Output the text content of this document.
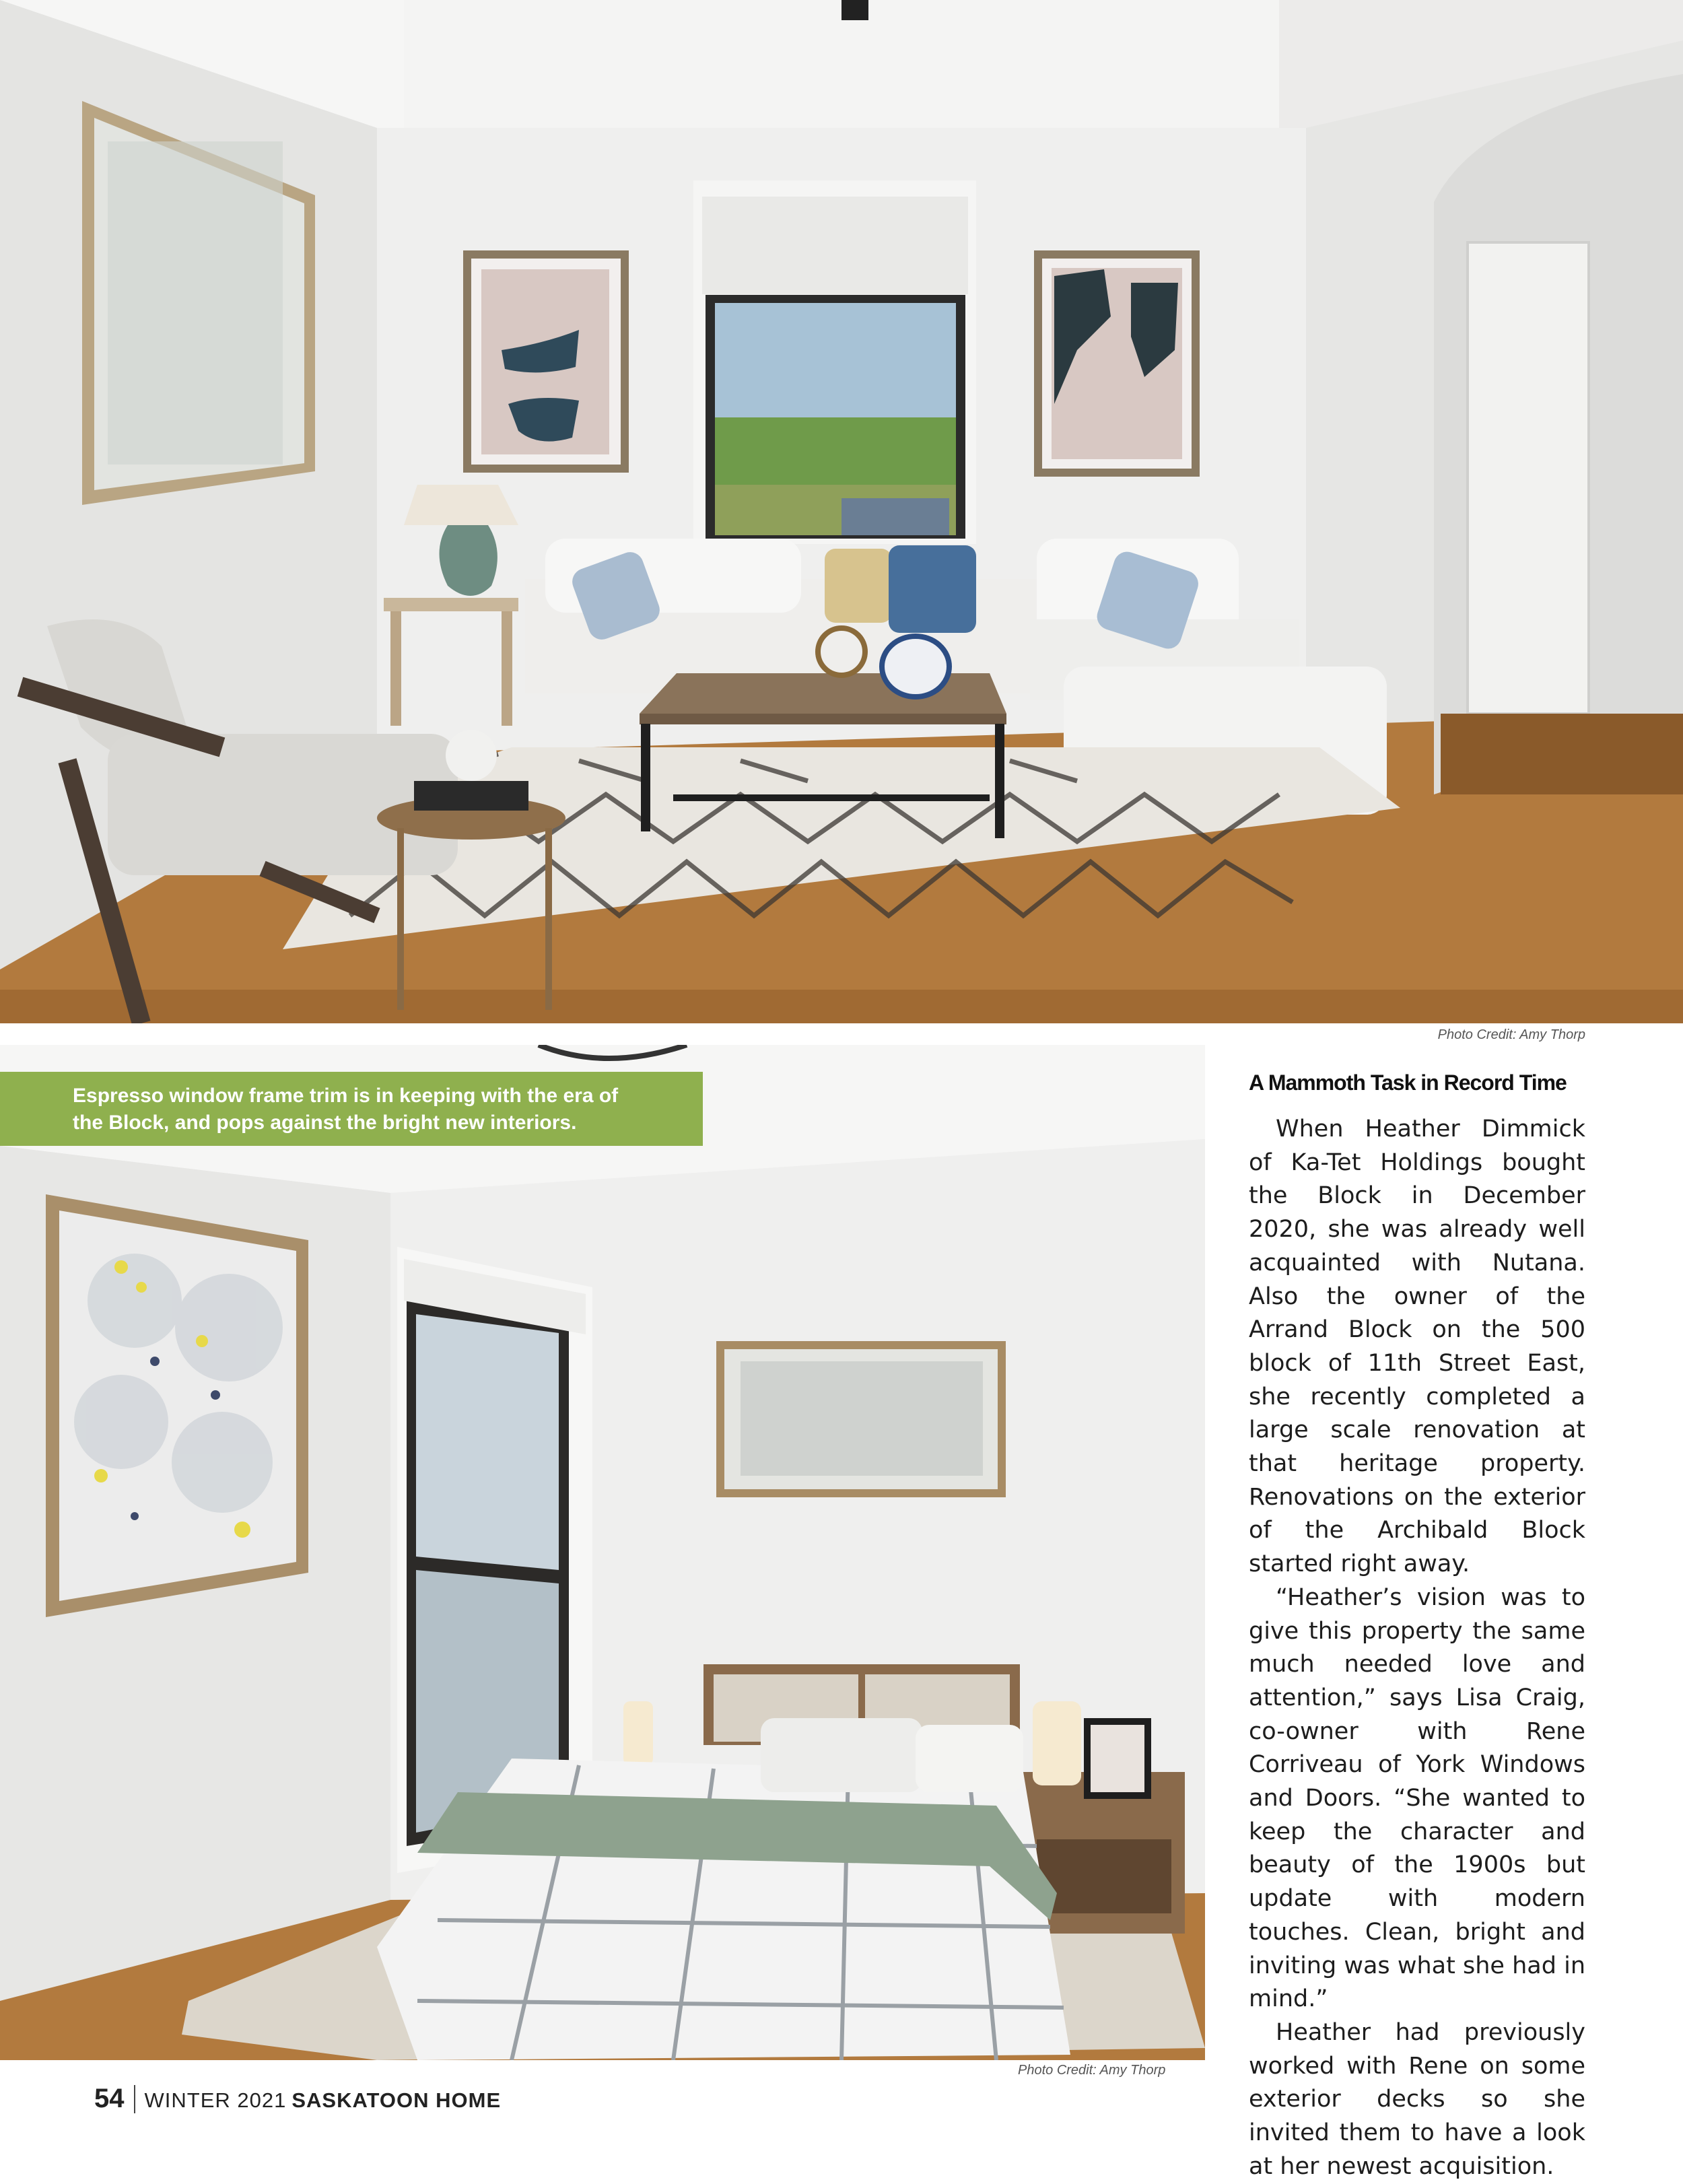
Photo Credit: Amy Thorp
Photo Credit: Amy Thorp
Espresso window frame trim is in keeping with the era of
the Block, and pops against the bright new interiors.
A Mammoth Task in Record Time

When Heather Dimmick of Ka-Tet Holdings bought the Block in December 2020, she was already well acquainted with Nutana. Also the owner of the Arrand Block on the 500 block of 11th Street East, she recently completed a large scale renovation at that heritage property. Renovations on the exterior of the Archibald Block started right away.

“Heather’s vision was to give this property the same much needed love and attention,” says Lisa Craig, co-owner with Rene Corriveau of York Windows and Doors. “She wanted to keep the character and beauty of the 1900s but update with modern touches. Clean, bright and inviting was what she had in mind.”

Heather had previously worked with Rene on some exterior decks so she invited them to have a look at her newest acquisition.

54 WINTER 2021 SASKATOON HOME
